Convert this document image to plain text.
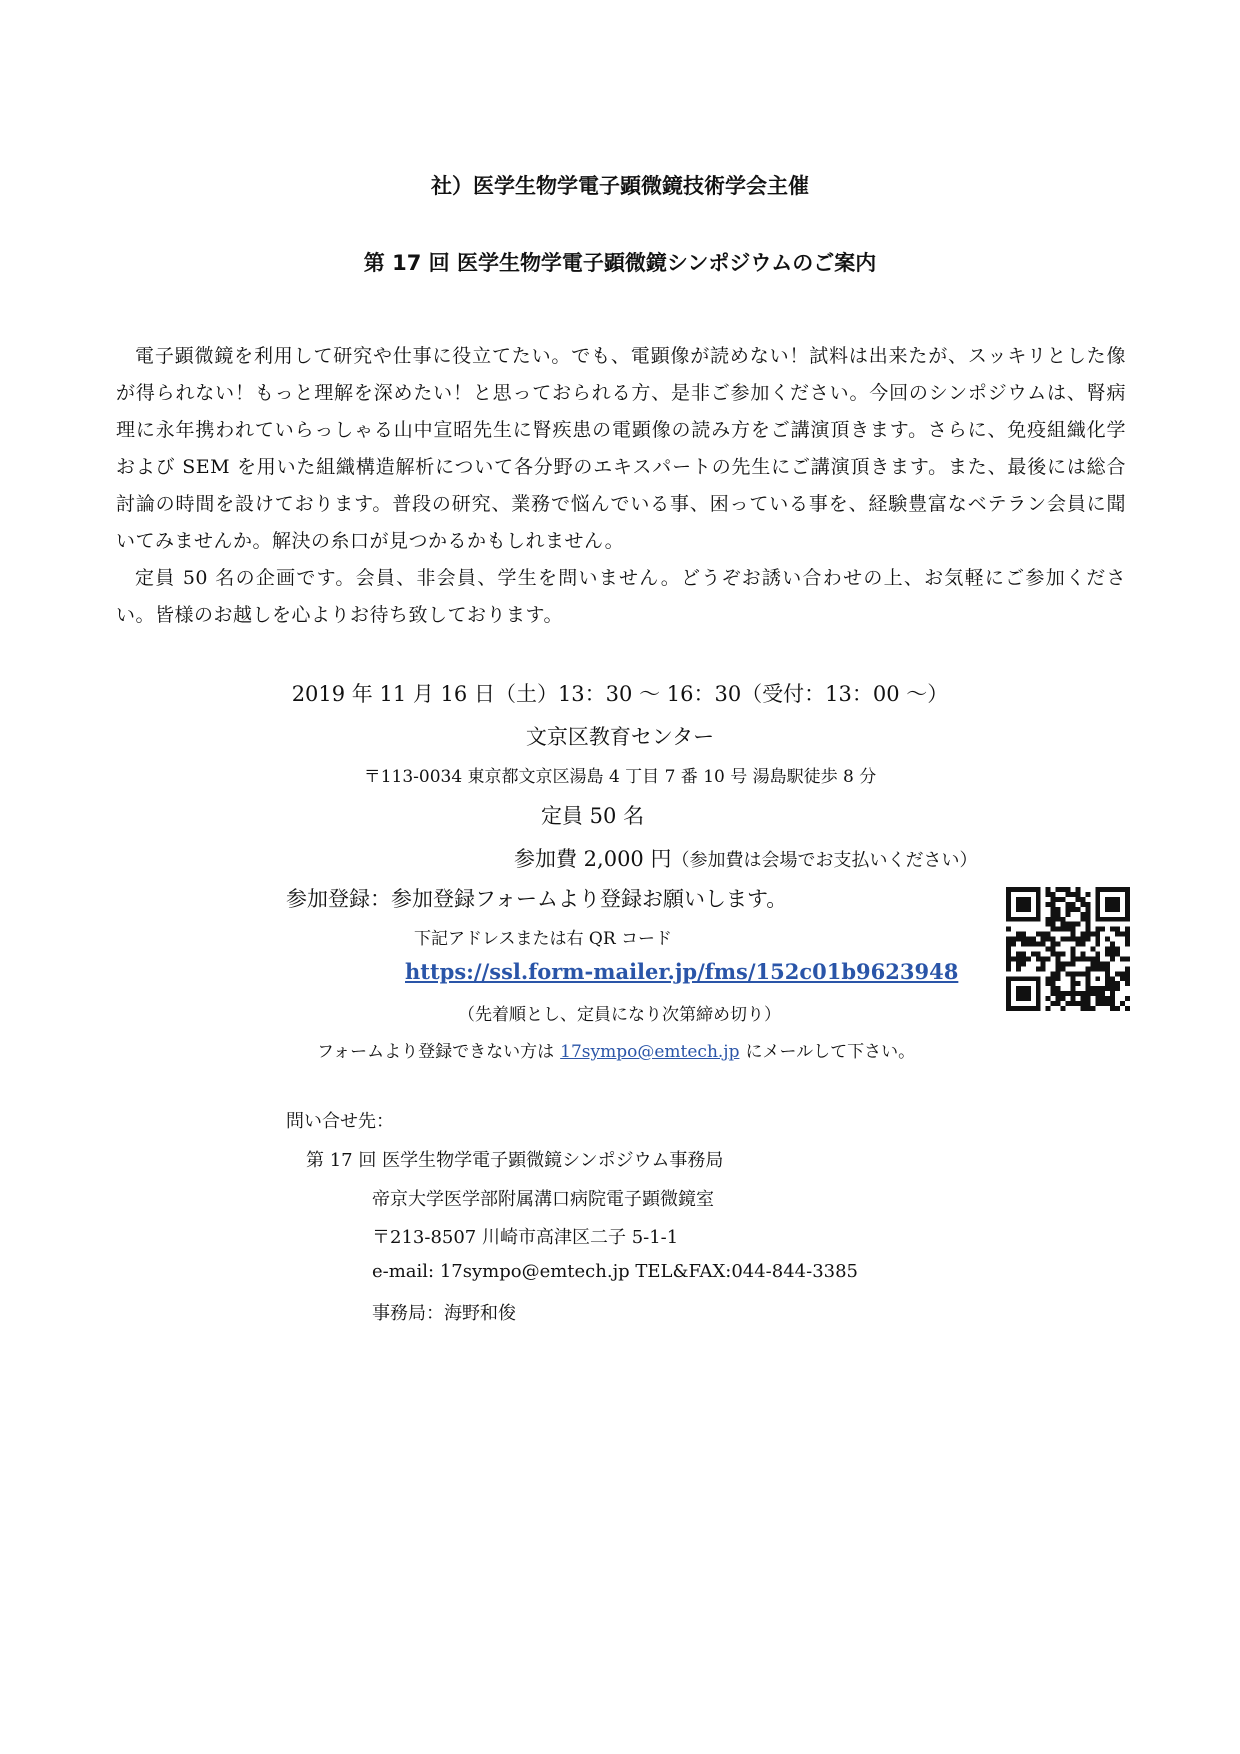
社）医学生物学電子顕微鏡技術学会主催
第 17 回 医学生物学電子顕微鏡シンポジウムのご案内

電子顕微鏡を利用して研究や仕事に役立てたい。でも、電顕像が読めない！試料は出来たが、スッキリとした像が得られない！もっと理解を深めたい！と思っておられる方、是非ご参加ください。今回のシンポジウムは、腎病理に永年携われていらっしゃる山中宣昭先生に腎疾患の電顕像の読み方をご講演頂きます。さらに、免疫組織化学および SEM を用いた組織構造解析について各分野のエキスパートの先生にご講演頂きます。また、最後には総合討論の時間を設けております。普段の研究、業務で悩んでいる事、困っている事を、経験豊富なベテラン会員に聞いてみませんか。解決の糸口が見つかるかもしれません。

定員 50 名の企画です。会員、非会員、学生を問いません。どうぞお誘い合わせの上、お気軽にご参加ください。皆様のお越しを心よりお待ち致しております。

2019 年 11 月 16 日（土）13：30 〜 16：30（受付：13：00 〜）
文京区教育センター
〒113-0034 東京都文京区湯島 4 丁目 7 番 10 号 湯島駅徒歩 8 分
定員 50 名
参加費 2,000 円（参加費は会場でお支払いください）
参加登録：参加登録フォームより登録お願いします。
下記アドレスまたは右 QR コード
https://ssl.form-mailer.jp/fms/152c01b9623948
（先着順とし、定員になり次第締め切り）
フォームより登録できない方は 17sympo@emtech.jp にメールして下さい。
問い合せ先：
第 17 回 医学生物学電子顕微鏡シンポジウム事務局
帝京大学医学部附属溝口病院電子顕微鏡室
〒213-8507 川崎市高津区二子 5-1-1
e-mail: 17sympo@emtech.jp TEL&FAX:044-844-3385
事務局：海野和俊
